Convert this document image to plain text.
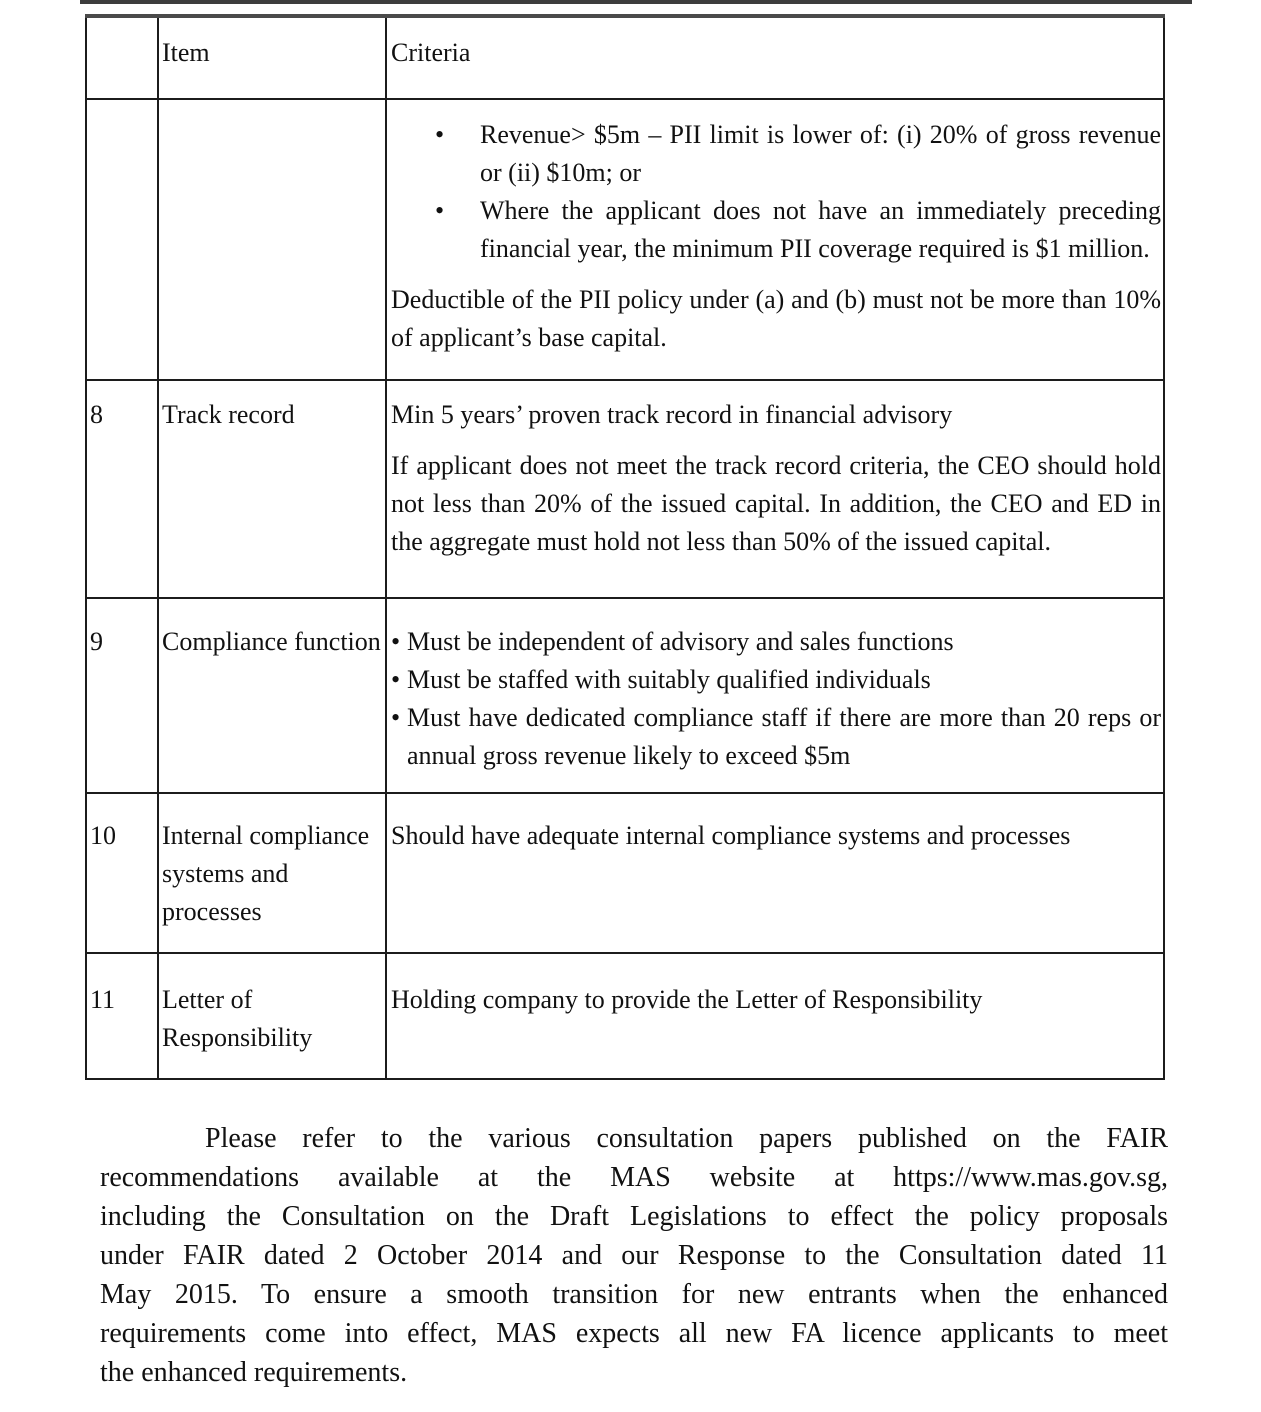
	Item	Criteria

• Revenue> $5m – PII limit is lower of: (i) 20% of gross revenue
or (ii) $10m; or
• Where the applicant does not have an immediately preceding
financial year, the minimum PII coverage required is $1 million.
Deductible of the PII policy under (a) and (b) must not be more than 10%
of applicant’s base capital.

8	Track record	Min 5 years’ proven track record in financial advisory
If applicant does not meet the track record criteria, the CEO should hold
not less than 20% of the issued capital. In addition, the CEO and ED in
the aggregate must hold not less than 50% of the issued capital.

9	Compliance function	• Must be independent of advisory and sales functions
• Must be staffed with suitably qualified individuals
• Must have dedicated compliance staff if there are more than 20 reps or
annual gross revenue likely to exceed $5m

10	Internal compliance systems and processes	Should have adequate internal compliance systems and processes
11	Letter of Responsibility	Holding company to provide the Letter of Responsibility
Please refer to the various consultation papers published on the FAIR
recommendations available at the MAS website at https://www.mas.gov.sg,
including the Consultation on the Draft Legislations to effect the policy proposals
under FAIR dated 2 October 2014 and our Response to the Consultation dated 11
May 2015. To ensure a smooth transition for new entrants when the enhanced
requirements come into effect, MAS expects all new FA licence applicants to meet
the enhanced requirements.
